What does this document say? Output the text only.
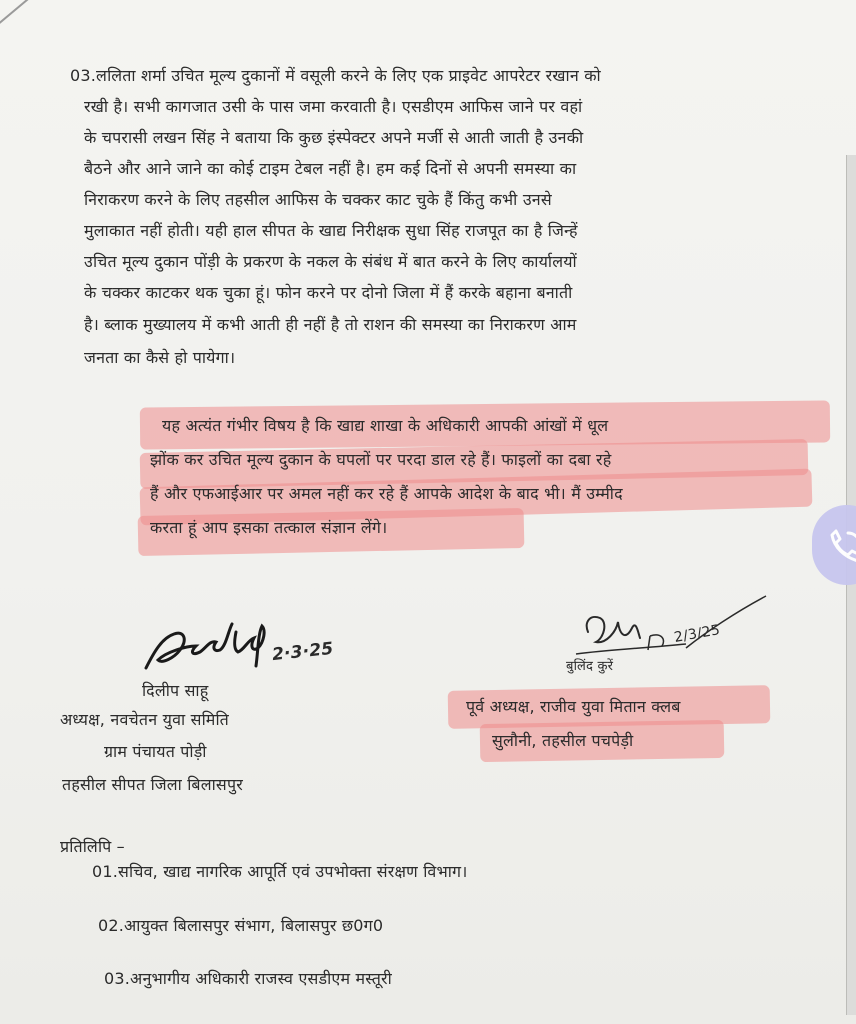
03.ललिता शर्मा उचित मूल्य दुकानों में वसूली करने के लिए एक प्राइवेट आपरेटर रखान को
रखी है। सभी कागजात उसी के पास जमा करवाती है। एसडीएम आफिस जाने पर वहां
के चपरासी लखन सिंह ने बताया कि कुछ इंस्पेक्टर अपने मर्जी से आती जाती है उनकी
बैठने और आने जाने का कोई टाइम टेबल नहीं है। हम कई दिनों से अपनी समस्या का
निराकरण करने के लिए तहसील आफिस के चक्कर काट चुके हैं किंतु कभी उनसे
मुलाकात नहीं होती। यही हाल सीपत के खाद्य निरीक्षक सुधा सिंह राजपूत का है जिन्हें
उचित मूल्य दुकान पोंड़ी के प्रकरण के नकल के संबंध में बात करने के लिए कार्यालयों
के चक्कर काटकर थक चुका हूं। फोन करने पर दोनो जिला में हैं करके बहाना बनाती
है। ब्लाक मुख्यालय में कभी आती ही नहीं है तो राशन की समस्या का निराकरण आम
जनता का कैसे हो पायेगा।
यह अत्यंत गंभीर विषय है कि खाद्य शाखा के अधिकारी आपकी आंखों में धूल
झोंक कर उचित मूल्य दुकान के घपलों पर परदा डाल रहे हैं। फाइलों का दबा रहे
हैं और एफआईआर पर अमल नहीं कर रहे हैं आपके आदेश के बाद भी। मैं उम्मीद
करता हूं आप इसका तत्काल संज्ञान लेंगे।
2·3·25
दिलीप साहू
अध्यक्ष, नवचेतन युवा समिति
ग्राम पंचायत पोड़ी
तहसील सीपत जिला बिलासपुर
बुलिंद कुरें
2/3/25
पूर्व अध्यक्ष, राजीव युवा मितान क्लब
सुलौनी, तहसील पचपेड़ी
प्रतिलिपि –
01.सचिव, खाद्य नागरिक आपूर्ति एवं उपभोक्ता संरक्षण विभाग।
02.आयुक्त बिलासपुर संभाग, बिलासपुर छ0ग0
03.अनुभागीय अधिकारी राजस्व एसडीएम मस्तूरी
